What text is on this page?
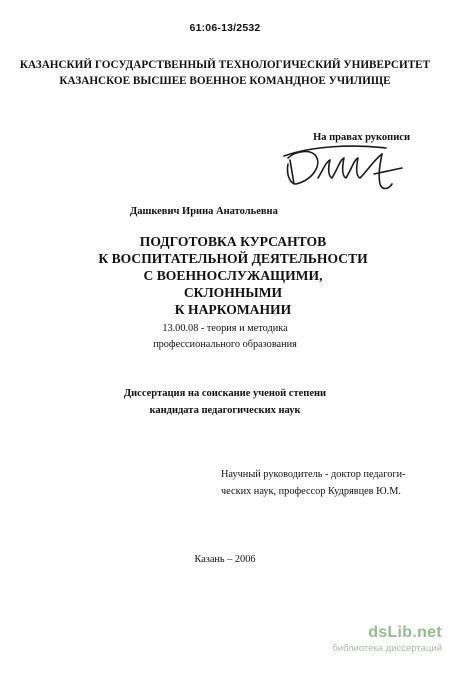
61:06-13/2532
КАЗАНСКИЙ ГОСУДАРСТВЕННЫЙ ТЕХНОЛОГИЧЕСКИЙ УНИВЕРСИТЕТ
КАЗАНСКОЕ ВЫСШЕЕ ВОЕННОЕ КОМАНДНОЕ УЧИЛИЩЕ
На правах рукописи
Дашкевич Ирина Анатольевна
ПОДГОТОВКА КУРСАНТОВ
К ВОСПИТАТЕЛЬНОЙ ДЕЯТЕЛЬНОСТИ
С ВОЕННОСЛУЖАЩИМИ, СКЛОННЫМИ
К НАРКОМАНИИ
13.00.08 - теория и методика
профессионального образования
Диссертация на соискание ученой степени
кандидата педагогических наук
Научный руководитель - доктор педагоги-
ческих наук, профессор Кудрявцев Ю.М.
Казань – 2006
dsLib.net
библиотека диссертаций
